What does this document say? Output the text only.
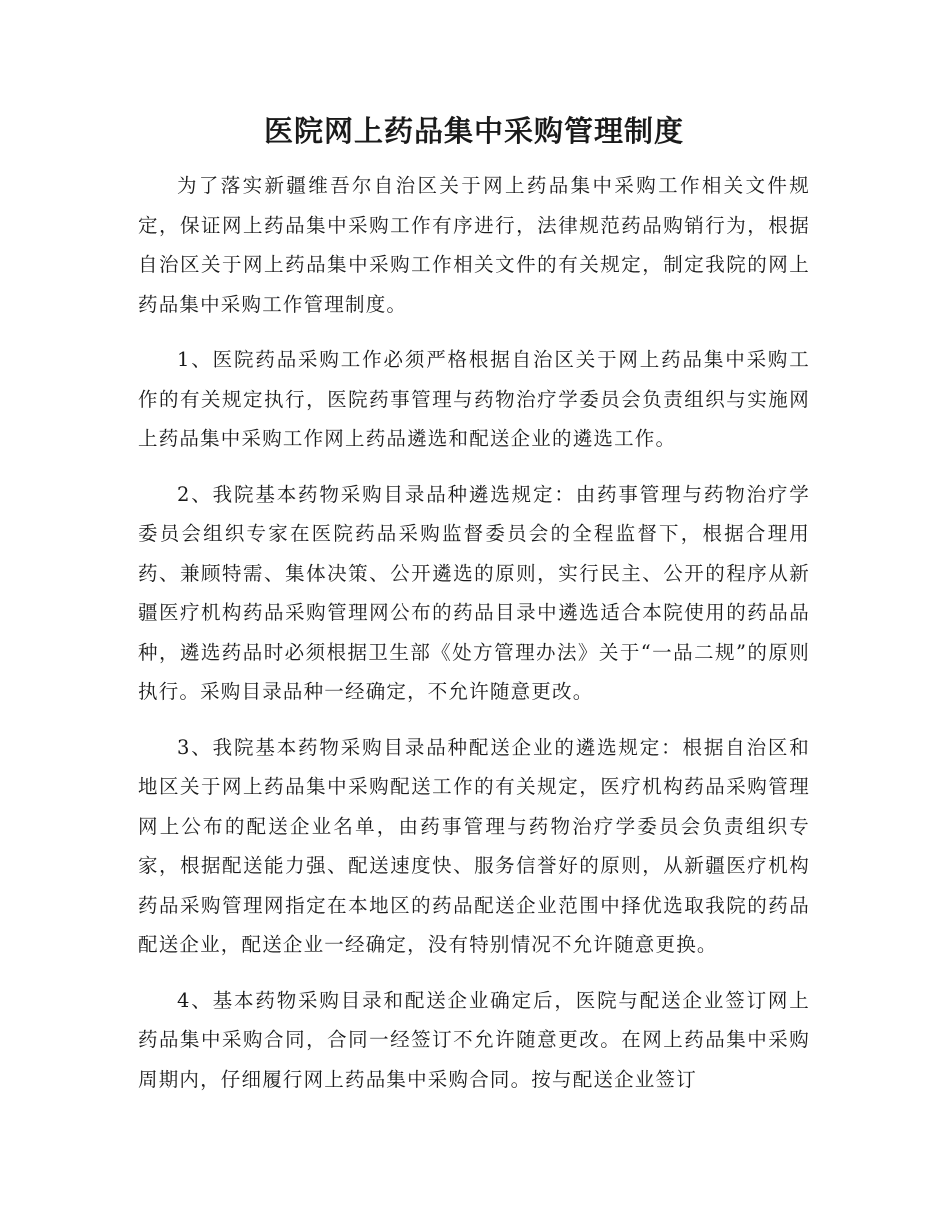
医院网上药品集中采购管理制度

为了落实新疆维吾尔自治区关于网上药品集中采购工作相关文件规定，保证网上药品集中采购工作有序进行，法律规范药品购销行为，根据自治区关于网上药品集中采购工作相关文件的有关规定，制定我院的网上药品集中采购工作管理制度。

1、医院药品采购工作必须严格根据自治区关于网上药品集中采购工作的有关规定执行，医院药事管理与药物治疗学委员会负责组织与实施网上药品集中采购工作网上药品遴选和配送企业的遴选工作。

2、我院基本药物采购目录品种遴选规定：由药事管理与药物治疗学委员会组织专家在医院药品采购监督委员会的全程监督下，根据合理用药、兼顾特需、集体决策、公开遴选的原则，实行民主、公开的程序从新疆医疗机构药品采购管理网公布的药品目录中遴选适合本院使用的药品品种，遴选药品时必须根据卫生部《处方管理办法》关于“一品二规”的原则执行。采购目录品种一经确定，不允许随意更改。

3、我院基本药物采购目录品种配送企业的遴选规定：根据自治区和地区关于网上药品集中采购配送工作的有关规定，医疗机构药品采购管理网上公布的配送企业名单，由药事管理与药物治疗学委员会负责组织专家，根据配送能力强、配送速度快、服务信誉好的原则，从新疆医疗机构药品采购管理网指定在本地区的药品配送企业范围中择优选取我院的药品配送企业，配送企业一经确定，没有特别情况不允许随意更换。

4、基本药物采购目录和配送企业确定后，医院与配送企业签订网上药品集中采购合同，合同一经签订不允许随意更改。在网上药品集中采购周期内，仔细履行网上药品集中采购合同。按与配送企业签订
